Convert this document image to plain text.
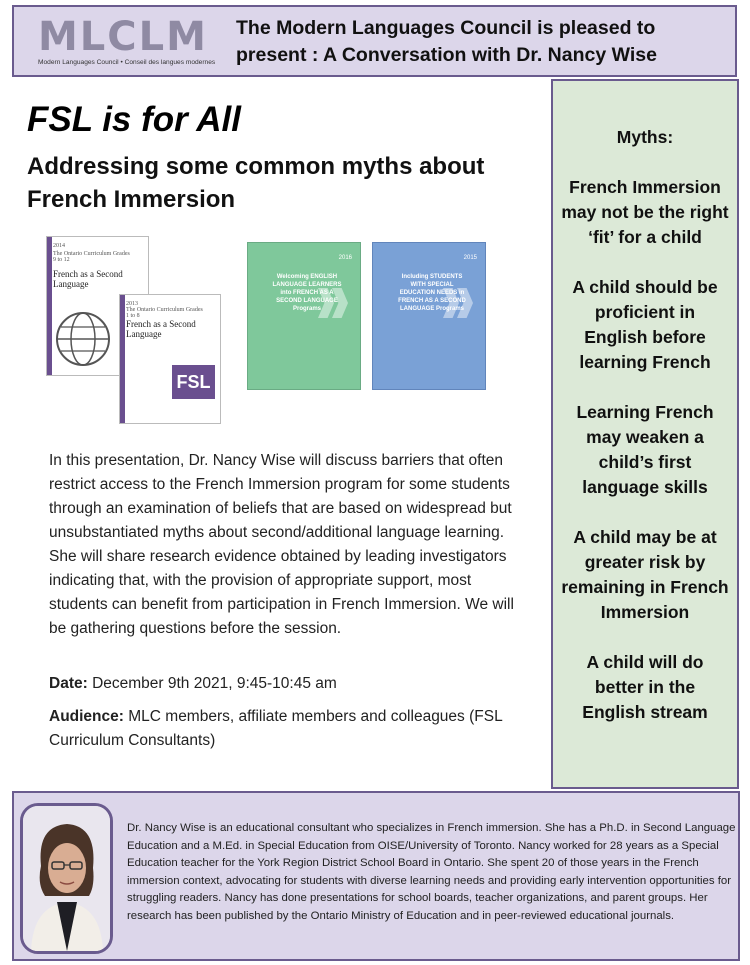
MLCLM
Modern Languages Council • Conseil des langues modernes
The Modern Languages Council is pleased to present : A Conversation with Dr. Nancy Wise
FSL is for All
Addressing some common myths about French Immersion
2014
The Ontario Curriculum Grades 9 to 12
French as a Second Language
2013
The Ontario Curriculum Grades 1 to 8
French as a Second Language
FSL
2016
Welcoming ENGLISH LANGUAGE LEARNERS into FRENCH AS A SECOND LANGUAGE Programs
2015
Including STUDENTS WITH SPECIAL EDUCATION NEEDS in FRENCH AS A SECOND LANGUAGE Programs
In this presentation, Dr. Nancy Wise will discuss barriers that often restrict access to the French Immersion program for some students through an examination of beliefs that are based on widespread but unsubstantiated myths about second/additional language learning. She will share research evidence obtained by leading investigators indicating that, with the provision of appropriate support, most students can benefit from participation in French Immersion. We will be gathering questions before the session.
Date: December 9th 2021, 9:45-10:45 am
Audience: MLC members, affiliate members and colleagues (FSL Curriculum Consultants)
Myths:
French Immersion may not be the right ‘fit’ for a child
A child should be proficient in English before learning French
Learning French may weaken a child’s first language skills
A child may be at greater risk by remaining in French Immersion
A child will do better in the English stream
Dr. Nancy Wise is an educational consultant who specializes in French immersion. She has a Ph.D. in Second Language Education and a M.Ed. in Special Education from OISE/University of Toronto. Nancy worked for 28 years as a Special Education teacher for the York Region District School Board in Ontario. She spent 20 of those years in the French immersion context, advocating for students with diverse learning needs and providing early intervention opportunities for struggling readers. Nancy has done presentations for school boards, teacher organizations, and parent groups. Her research has been published by the Ontario Ministry of Education and in peer-reviewed educational journals.
